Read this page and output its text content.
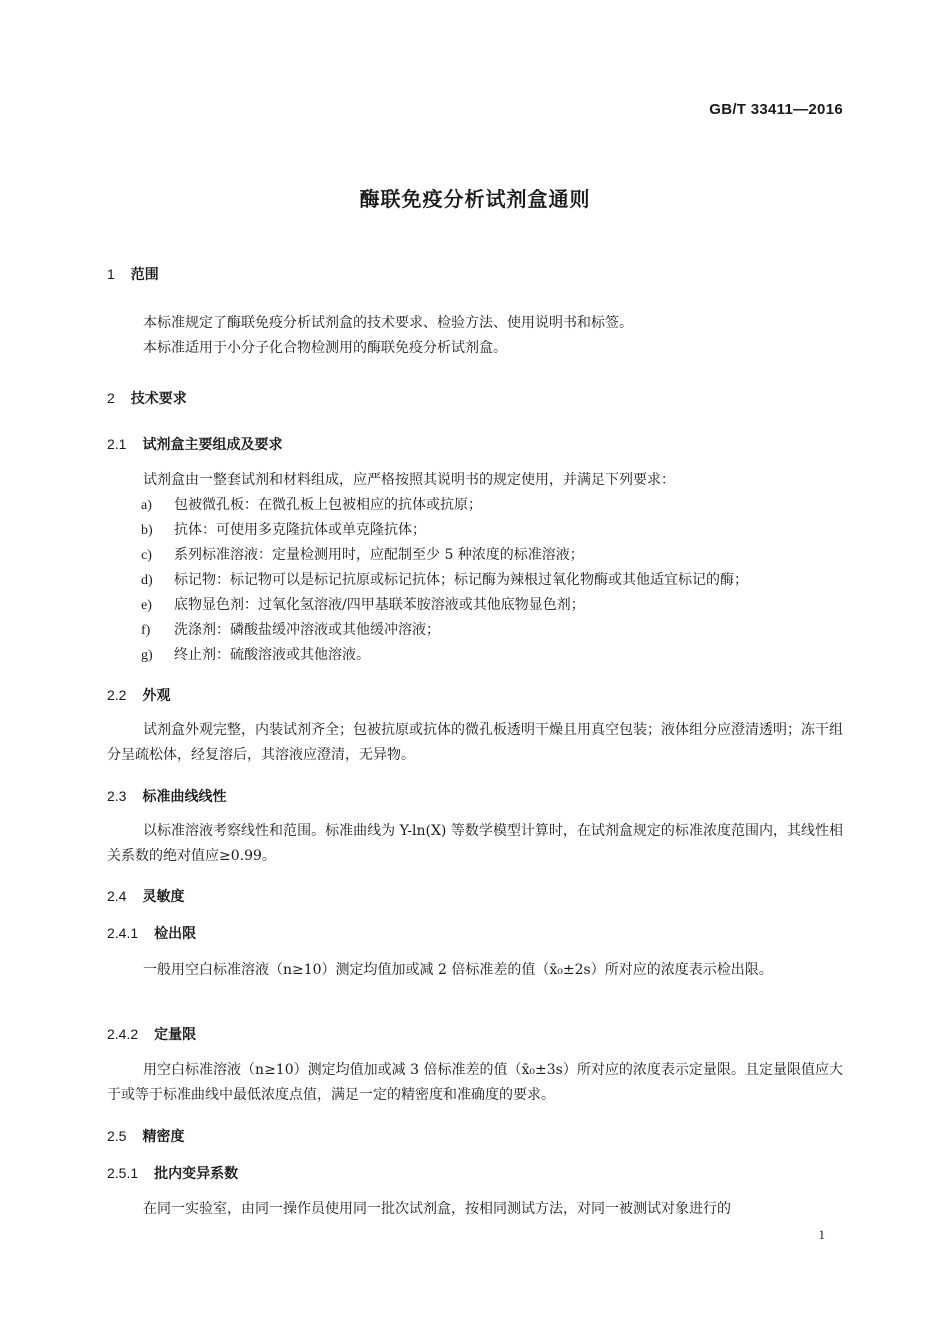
GB/T 33411—2016
酶联免疫分析试剂盒通则
1 范围

本标准规定了酶联免疫分析试剂盒的技术要求、检验方法、使用说明书和标签。

本标准适用于小分子化合物检测用的酶联免疫分析试剂盒。

2 技术要求
2.1 试剂盒主要组成及要求

试剂盒由一整套试剂和材料组成，应严格按照其说明书的规定使用，并满足下列要求：

a) 包被微孔板：在微孔板上包被相应的抗体或抗原；
b) 抗体：可使用多克隆抗体或单克隆抗体；
c) 系列标准溶液：定量检测用时，应配制至少 5 种浓度的标准溶液；
d) 标记物：标记物可以是标记抗原或标记抗体；标记酶为辣根过氧化物酶或其他适宜标记的酶；
e) 底物显色剂：过氧化氢溶液/四甲基联苯胺溶液或其他底物显色剂；
f) 洗涤剂：磷酸盐缓冲溶液或其他缓冲溶液；
g) 终止剂：硫酸溶液或其他溶液。
2.2 外观

试剂盒外观完整，内装试剂齐全；包被抗原或抗体的微孔板透明干燥且用真空包装；液体组分应澄清透明；冻干组分呈疏松体，经复溶后，其溶液应澄清，无异物。

2.3 标准曲线线性

以标准溶液考察线性和范围。标准曲线为 Y-ln(X) 等数学模型计算时，在试剂盒规定的标准浓度范围内，其线性相关系数的绝对值应≥0.99。

2.4 灵敏度
2.4.1 检出限

一般用空白标准溶液（n≥10）测定均值加或减 2 倍标准差的值（x̄₀±2s）所对应的浓度表示检出限。

2.4.2 定量限

用空白标准溶液（n≥10）测定均值加或减 3 倍标准差的值（x̄₀±3s）所对应的浓度表示定量限。且定量限值应大于或等于标准曲线中最低浓度点值，满足一定的精密度和准确度的要求。

2.5 精密度
2.5.1 批内变异系数

在同一实验室，由同一操作员使用同一批次试剂盒，按相同测试方法，对同一被测试对象进行的

1
